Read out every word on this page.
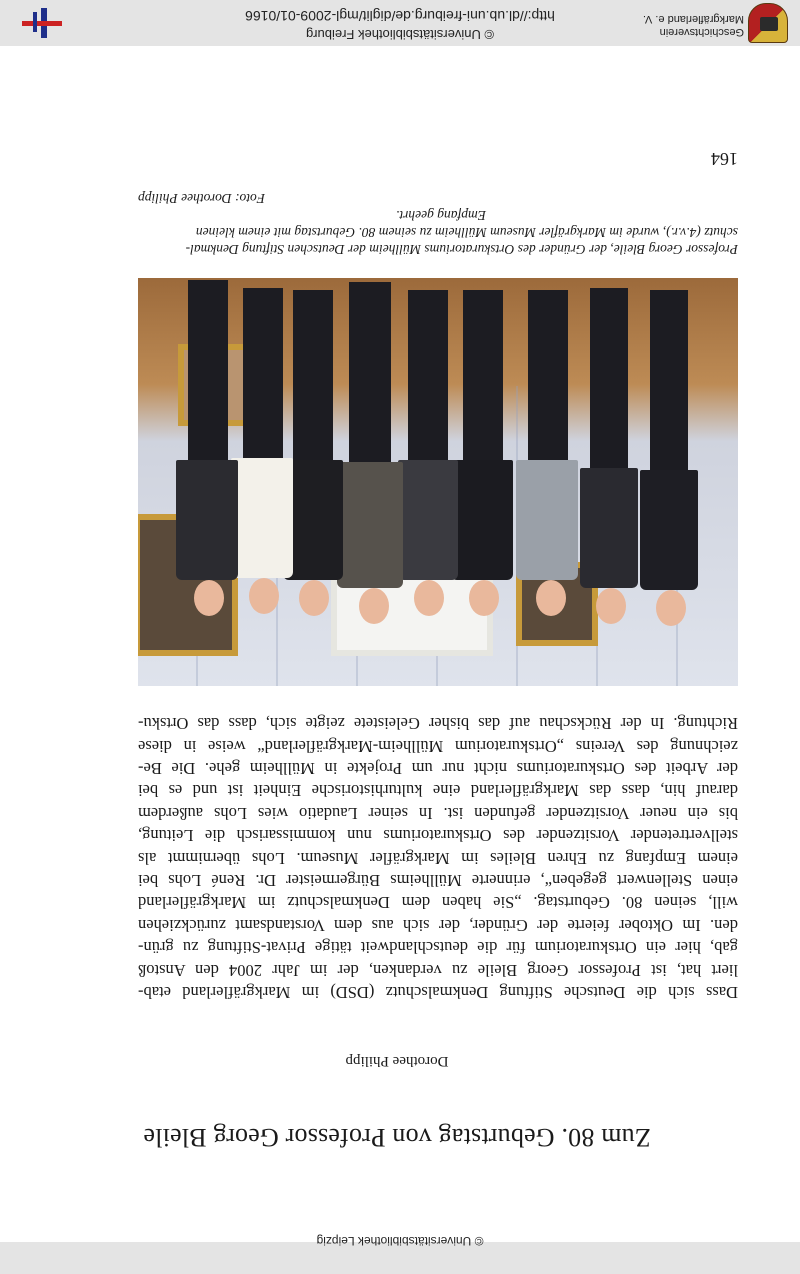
© Universitätsbibliothek Freiburg
http://dl.ub.uni-freiburg.de/diglit/mgl-2009-01/0166
Geschichtsverein Markgräflerland e. V.
© Universitätsbibliothek Leipzig
Zum 80. Geburtstag von Professor Georg Bleile
Dorothee Philipp
Dass sich die Deutsche Stiftung Denkmalschutz (DSD) im Markgräflerland etab-
liert hat, ist Professor Georg Bleile zu verdanken, der im Jahr 2004 den Anstoß
gab, hier ein Ortskuratorium für die deutschlandweit tätige Privat-Stiftung zu grün-
den. Im Oktober feierte der Gründer, der sich aus dem Vorstandsamt zurückziehen
will, seinen 80. Geburtstag. „Sie haben dem Denkmalschutz im Markgräflerland
einen Stellenwert gegeben“, erinnerte Müllheims Bürgermeister Dr. René Lohs bei
einem Empfang zu Ehren Bleiles im Markgräfler Museum. Lohs übernimmt als
stellvertretender Vorsitzender des Ortskuratoriums nun kommissarisch die Leitung,
bis ein neuer Vorsitzender gefunden ist. In seiner Laudatio wies Lohs außerdem
darauf hin, dass das Markgräflerland eine kulturhistorische Einheit ist und es bei
der Arbeit des Ortskuratoriums nicht nur um Projekte in Müllheim gehe. Die Be-
zeichnung des Vereins „Ortskuratorium Müllheim-Markgräflerland“ weise in diese
Richtung. In der Rückschau auf das bisher Geleistete zeigte sich, dass das Ortsku-
Professor Georg Bleile, der Gründer des Ortskuratoriums Müllheim der Deutschen Stiftung Denkmal-
schutz (4.v.r.), wurde im Markgräfler Museum Müllheim zu seinem 80. Geburtstag mit einem kleinen
Empfang geehrt.
Foto: Dorothee Philipp
164
